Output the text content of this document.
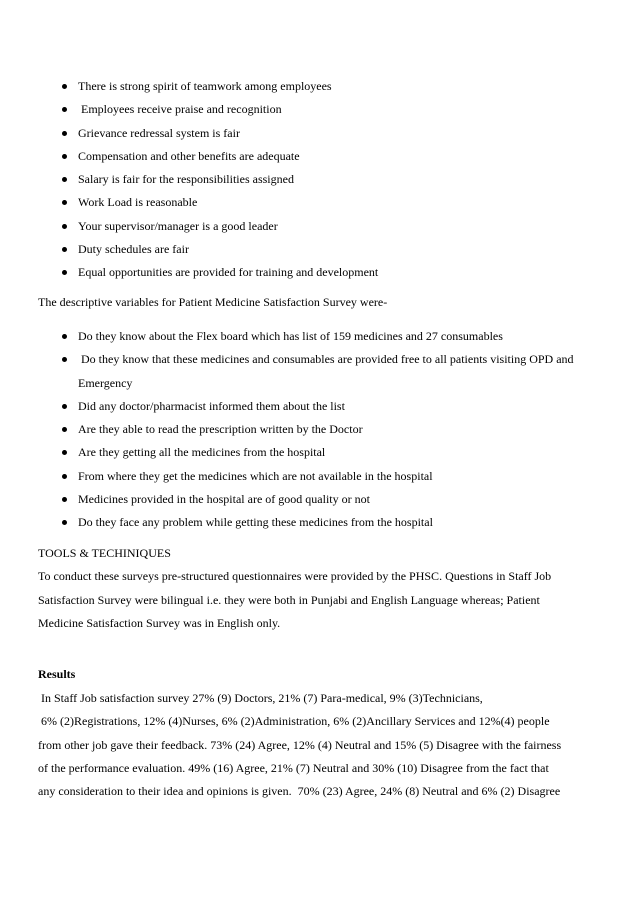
There is strong spirit of teamwork among employees
Employees receive praise and recognition
Grievance redressal system is fair
Compensation and other benefits are adequate
Salary is fair for the responsibilities assigned
Work Load is reasonable
Your supervisor/manager is a good leader
Duty schedules are fair
Equal opportunities are provided for training and development

The descriptive variables for Patient Medicine Satisfaction Survey were-

Do they know about the Flex board which has list of 159 medicines and 27 consumables
Do they know that these medicines and consumables are provided free to all patients visiting OPD and Emergency
Did any doctor/pharmacist informed them about the list
Are they able to read the prescription written by the Doctor
Are they getting all the medicines from the hospital
From where they get the medicines which are not available in the hospital
Medicines provided in the hospital are of good quality or not
Do they face any problem while getting these medicines from the hospital
TOOLS & TECHINIQUES
To conduct these surveys pre-structured questionnaires were provided by the PHSC. Questions in Staff Job
Satisfaction Survey were bilingual i.e. they were both in Punjabi and English Language whereas; Patient
Medicine Satisfaction Survey was in English only.

Results

In Staff Job satisfaction survey 27% (9) Doctors, 21% (7) Para-medical, 9% (3)Technicians,
6% (2)Registrations, 12% (4)Nurses, 6% (2)Administration, 6% (2)Ancillary Services and 12%(4) people
from other job gave their feedback. 73% (24) Agree, 12% (4) Neutral and 15% (5) Disagree with the fairness
of the performance evaluation. 49% (16) Agree, 21% (7) Neutral and 30% (10) Disagree from the fact that
any consideration to their idea and opinions is given.  70% (23) Agree, 24% (8) Neutral and 6% (2) Disagree
